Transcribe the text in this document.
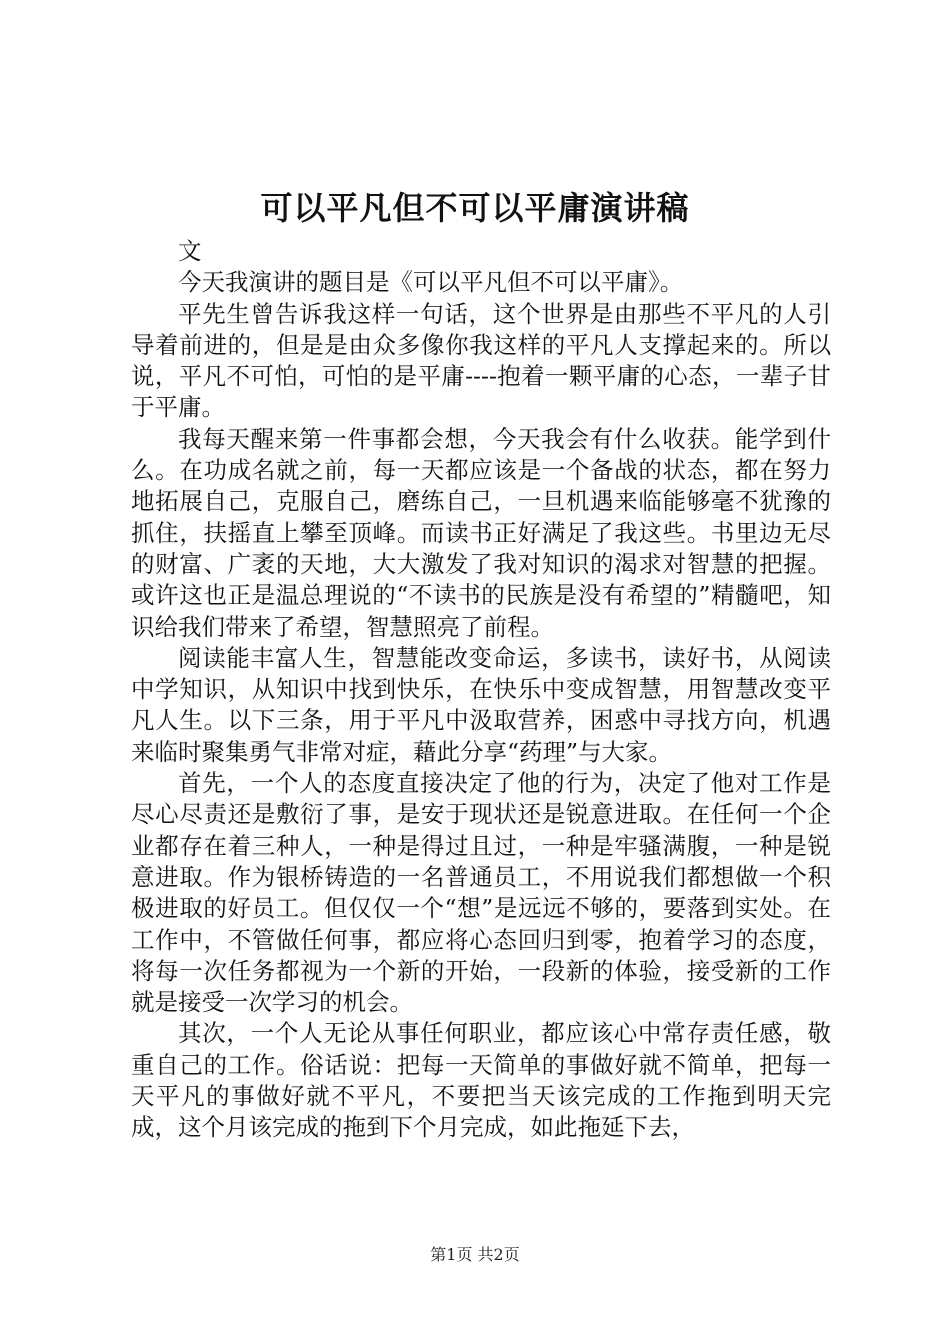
可以平凡但不可以平庸演讲稿

文

今天我演讲的题目是《可以平凡但不可以平庸》。

平先生曾告诉我这样一句话，这个世界是由那些不平凡的人引导着前进的，但是是由众多像你我这样的平凡人支撑起来的。所以说，平凡不可怕，可怕的是平庸----抱着一颗平庸的心态，一辈子甘于平庸。

我每天醒来第一件事都会想，今天我会有什么收获。能学到什么。在功成名就之前，每一天都应该是一个备战的状态，都在努力地拓展自己，克服自己，磨练自己，一旦机遇来临能够毫不犹豫的抓住，扶摇直上攀至顶峰。而读书正好满足了我这些。书里边无尽的财富、广袤的天地，大大激发了我对知识的渴求对智慧的把握。或许这也正是温总理说的“不读书的民族是没有希望的”精髓吧，知识给我们带来了希望，智慧照亮了前程。

阅读能丰富人生，智慧能改变命运，多读书，读好书，从阅读中学知识，从知识中找到快乐，在快乐中变成智慧，用智慧改变平凡人生。以下三条，用于平凡中汲取营养，困惑中寻找方向，机遇来临时聚集勇气非常对症，藉此分享“药理”与大家。

首先，一个人的态度直接决定了他的行为，决定了他对工作是尽心尽责还是敷衍了事，是安于现状还是锐意进取。在任何一个企业都存在着三种人，一种是得过且过，一种是牢骚满腹，一种是锐意进取。作为银桥铸造的一名普通员工，不用说我们都想做一个积极进取的好员工。但仅仅一个“想”是远远不够的，要落到实处。在工作中，不管做任何事，都应将心态回归到零，抱着学习的态度，将每一次任务都视为一个新的开始，一段新的体验，接受新的工作就是接受一次学习的机会。

其次，一个人无论从事任何职业，都应该心中常存责任感，敬重自己的工作。俗话说：把每一天简单的事做好就不简单，把每一天平凡的事做好就不平凡，不要把当天该完成的工作拖到明天完成，这个月该完成的拖到下个月完成，如此拖延下去，

第1页 共2页
